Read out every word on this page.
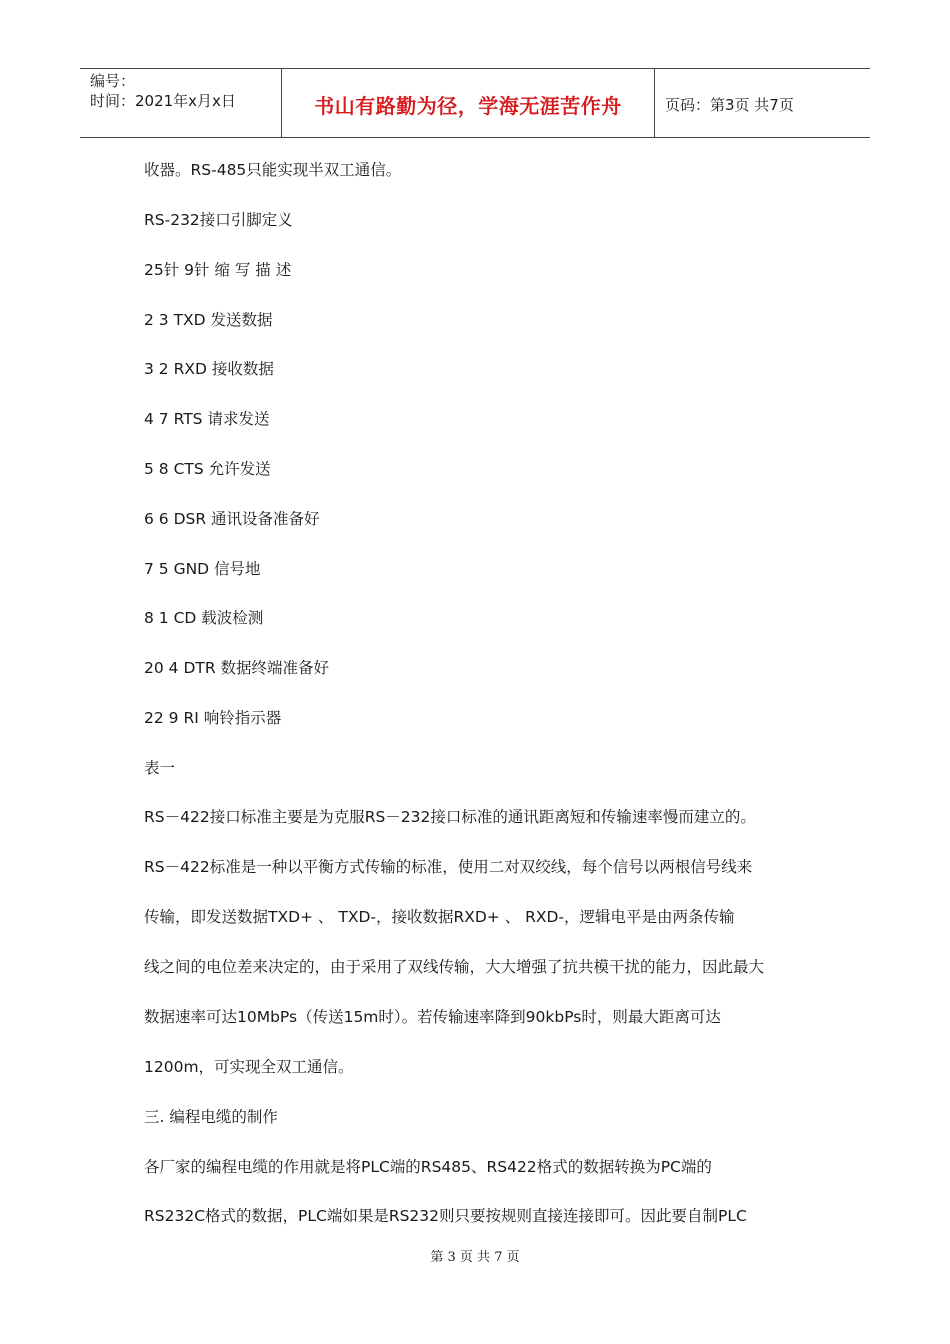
编号：
时间：2021年x月x日	书山有路勤为径，学海无涯苦作舟	页码：第3页 共7页
收器。RS-485只能实现半双工通信。
RS-232接口引脚定义
25针 9针 缩 写 描 述
2 3 TXD 发送数据
3 2 RXD 接收数据
4 7 RTS 请求发送
5 8 CTS 允许发送
6 6 DSR 通讯设备准备好
7 5 GND 信号地
8 1 CD 载波检测
20 4 DTR 数据终端准备好
22 9 RI 响铃指示器
表一
RS－422接口标准主要是为克服RS－232接口标准的通讯距离短和传输速率慢而建立的。
RS－422标准是一种以平衡方式传输的标准，使用二对双绞线，每个信号以两根信号线来
传输，即发送数据TXD+ 、 TXD-，接收数据RXD+ 、 RXD-，逻辑电平是由两条传输
线之间的电位差来决定的，由于采用了双线传输，大大增强了抗共模干扰的能力，因此最大
数据速率可达10MbPs（传送15m时）。若传输速率降到90kbPs时，则最大距离可达
1200m，可实现全双工通信。
三. 编程电缆的制作
各厂家的编程电缆的作用就是将PLC端的RS485、RS422格式的数据转换为PC端的
RS232C格式的数据，PLC端如果是RS232则只要按规则直接连接即可。因此要自制PLC
第 3 页 共 7 页
